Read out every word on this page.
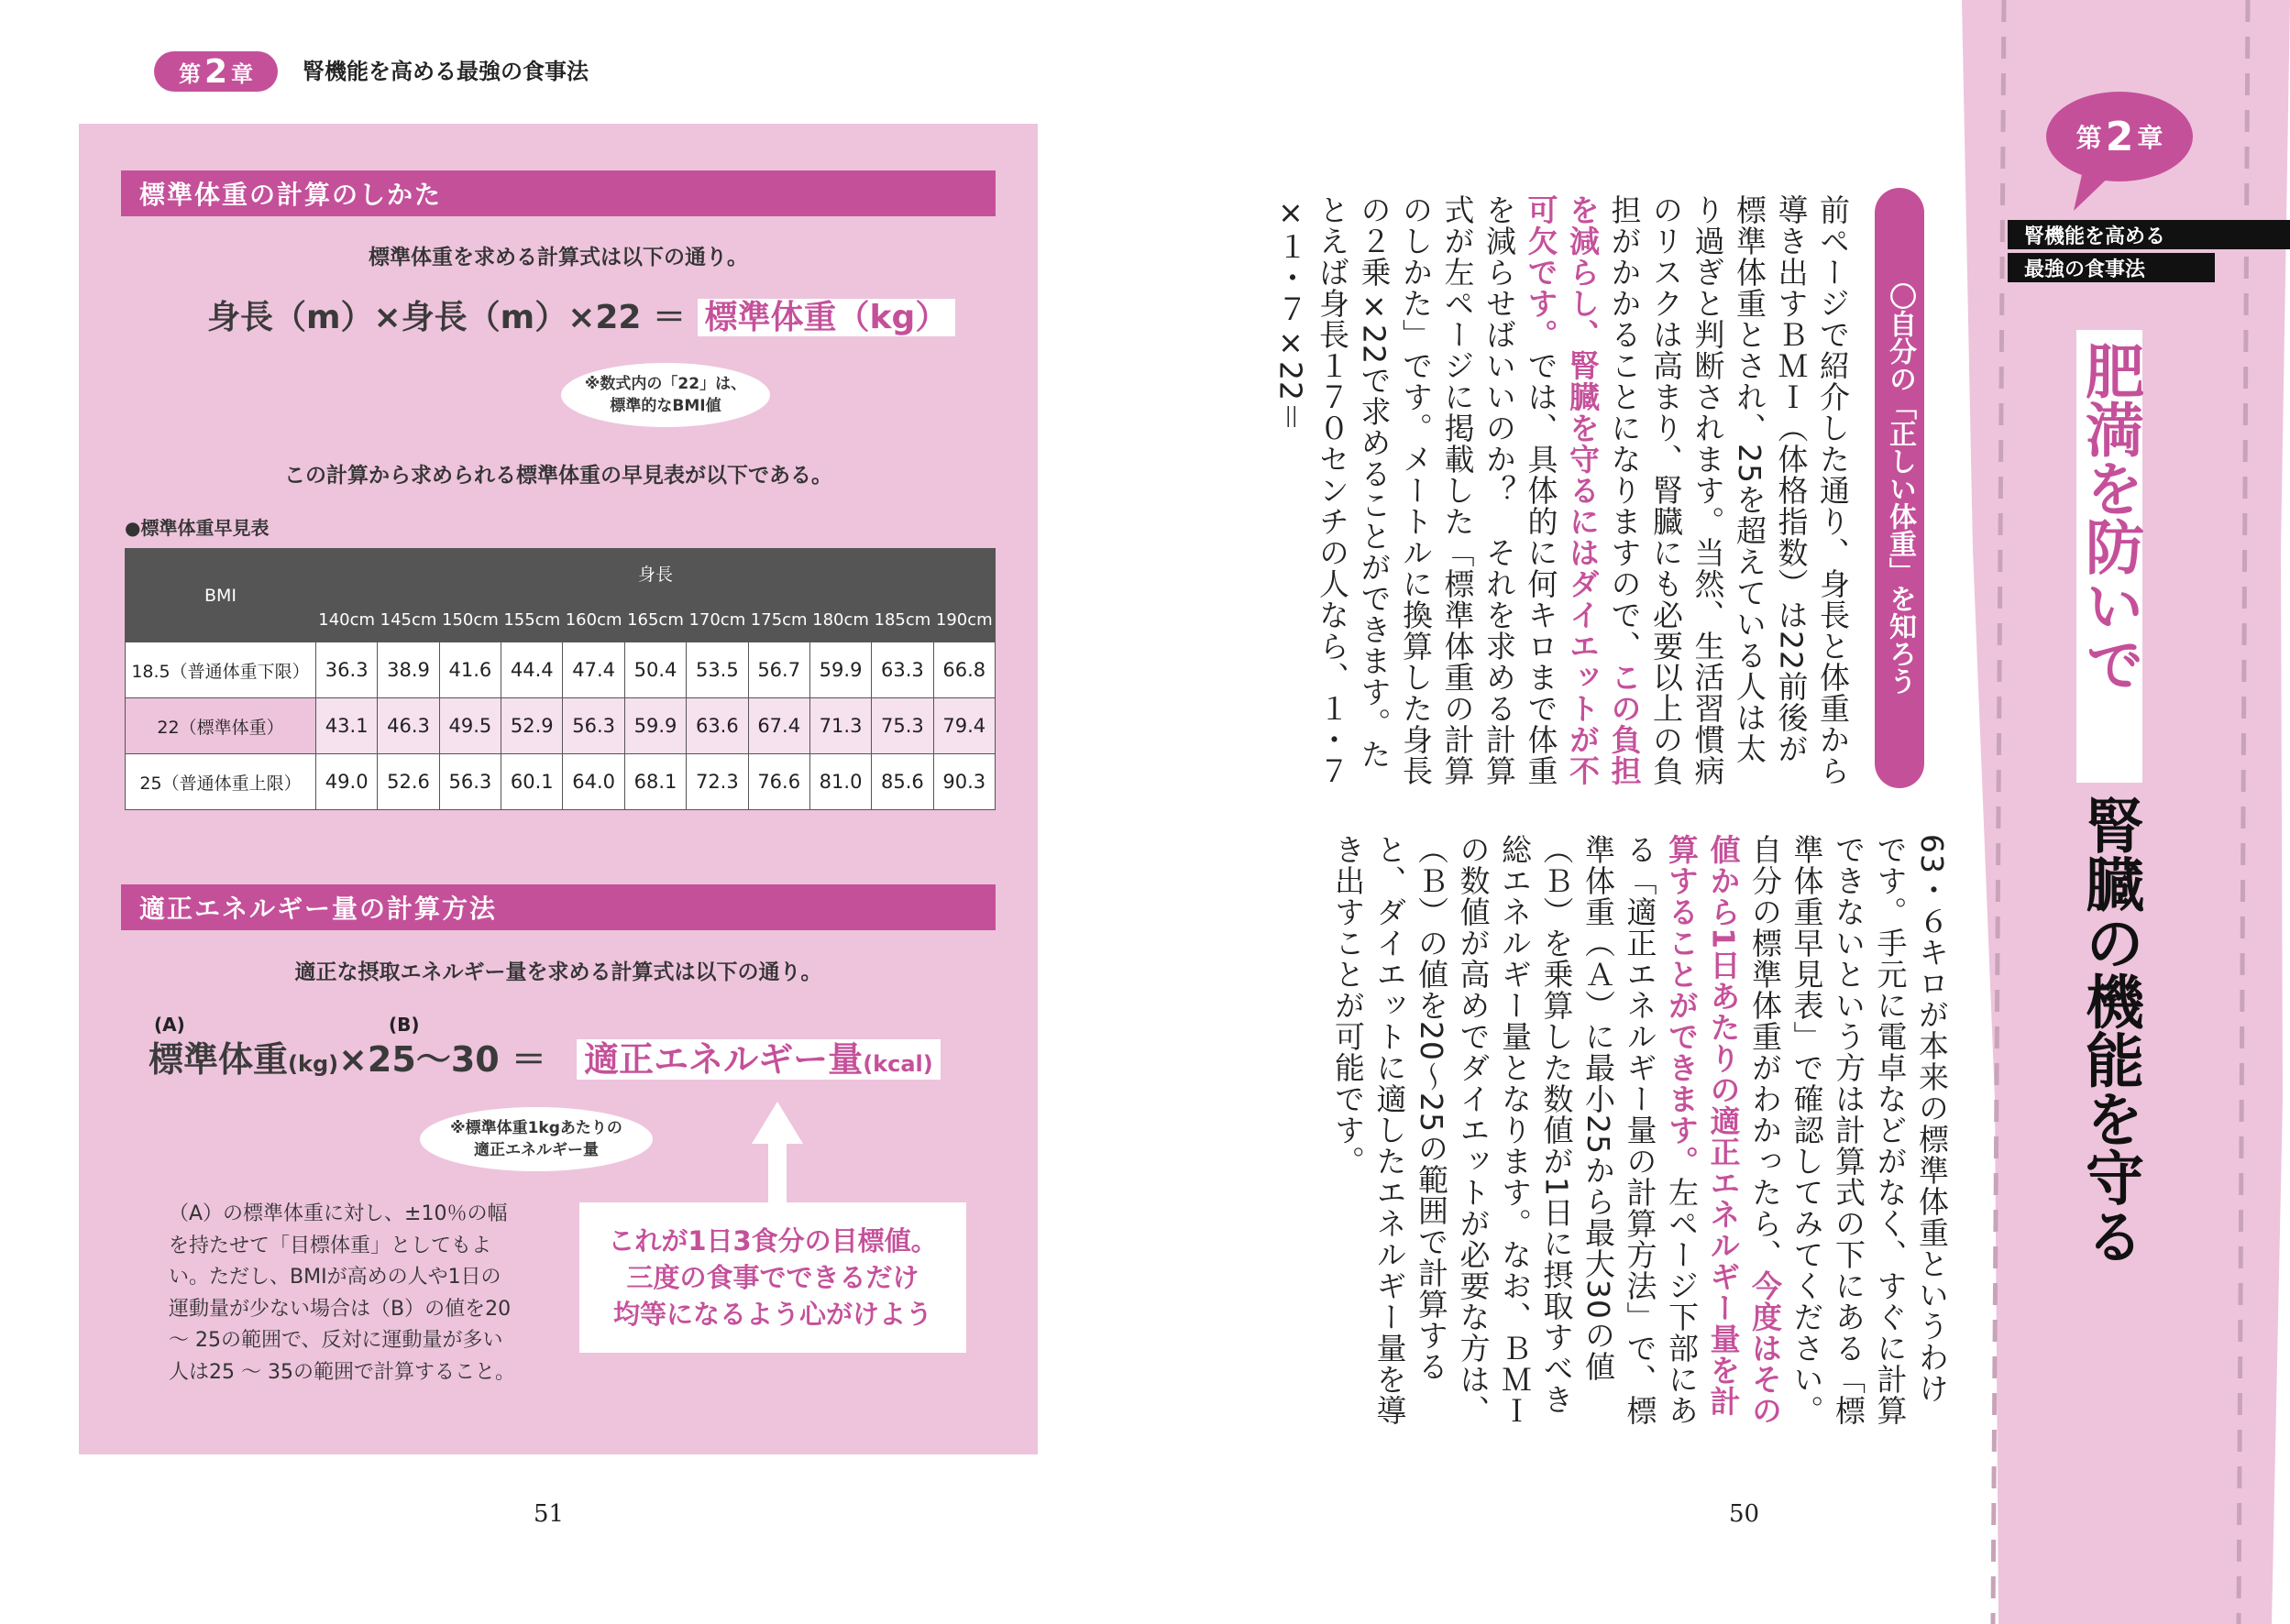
第 2 章 腎機能を高める最強の食事法
標準体重の計算のしかた
標準体重を求める計算式は以下の通り。
身長（m）×身長（m）×22 ＝ 標準体重（kg）
※数式内の「22」は、
標準的なBMI値
この計算から求められる標準体重の早見表が以下である。
●標準体重早見表
BMI	身長										
	140cm	145cm	150cm	155cm	160cm	165cm	170cm	175cm	180cm	185cm	190cm
18.5（普通体重下限）	36.3	38.9	41.6	44.4	47.4	50.4	53.5	56.7	59.9	63.3	66.8
22（標準体重）	43.1	46.3	49.5	52.9	56.3	59.9	63.6	67.4	71.3	75.3	79.4
25（普通体重上限）	49.0	52.6	56.3	60.1	64.0	68.1	72.3	76.6	81.0	85.6	90.3
適正エネルギー量の計算方法
適正な摂取エネルギー量を求める計算式は以下の通り。
(A)	(B)
標準体重(kg)×25〜30 ＝ 適正エネルギー量(kcal)
※標準体重1kgあたりの
適正エネルギー量
（A）の標準体重に対し、±10％の幅を持たせて「目標体重」としてもよい。ただし、BMIが高めの人や1日の運動量が少ない場合は（B）の値を20 〜 25の範囲で、反対に運動量が多い人は25 〜 35の範囲で計算すること。
これが1日3食分の目標値。
三度の食事でできるだけ
均等になるよう心がけよう
51
〇自分の「正しい体重」を知ろう
前ページで紹介した通り、身長と体重から導き出すＢＭＩ（体格指数）は22前後が標準体重とされ、25を超えている人は太り過ぎと判断されます。当然、生活習慣病のリスクは高まり、腎臓にも必要以上の負担がかかることになりますので、この負担を減らし、腎臓を守るにはダイエットが不可欠です。では、具体的に何キロまで体重を減らせばいいのか？　それを求める計算式が左ページに掲載した「標準体重の計算のしかた」です。メートルに換算した身長の２乗×22で求めることができます。たとえば身長１７０センチの人なら、１・７×１・７×22＝
63・６キロが本来の標準体重というわけです。手元に電卓などがなく、すぐに計算できないという方は計算式の下にある「標準体重早見表」で確認してみてください。
自分の標準体重がわかったら、今度はその値から1日あたりの適正エネルギー量を計算することができます。左ページ下部にある「適正エネルギー量の計算方法」で、標準体重（Ａ）に最小25から最大30の値（Ｂ）を乗算した数値が1日に摂取すべき総エネルギー量となります。なお、ＢＭＩの数値が高めでダイエットが必要な方は、（Ｂ）の値を20〜25の範囲で計算すると、ダイエットに適したエネルギー量を導き出すことが可能です。
50
第 2 章
腎機能を高める
最強の食事法
肥満を防いで
腎臓の機能を守る
